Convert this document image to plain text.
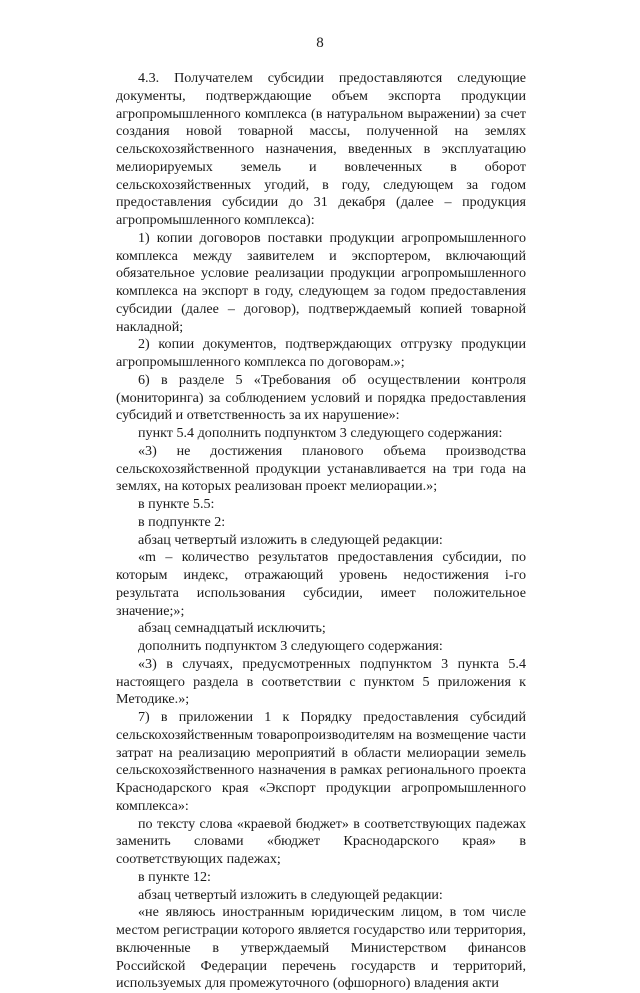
8

4.3. Получателем субсидии предоставляются следующие документы, подтверждающие объем экспорта продукции агропромышленного комплекса (в натуральном выражении) за счет создания новой товарной массы, полученной на землях сельскохозяйственного назначения, введенных в эксплуатацию мелиорируемых земель и вовлеченных в оборот сельскохозяйственных угодий, в году, следующем за годом предоставления субсидии до 31 декабря (далее – продукция агропромышленного комплекса):

1) копии договоров поставки продукции агропромышленного комплекса между заявителем и экспортером, включающий обязательное условие реализации продукции агропромышленного комплекса на экспорт в году, следующем за годом предоставления субсидии (далее – договор), подтверждаемый копией товарной накладной;

2) копии документов, подтверждающих отгрузку продукции агропромышленного комплекса по договорам.»;

6) в разделе 5 «Требования об осуществлении контроля (мониторинга) за соблюдением условий и порядка предоставления субсидий и ответственность за их нарушение»:

пункт 5.4 дополнить подпунктом 3 следующего содержания:

«3) не достижения планового объема производства сельскохозяйственной продукции устанавливается на три года на землях, на которых реализован проект мелиорации.»;

в пункте 5.5:

в подпункте 2:

абзац четвертый изложить в следующей редакции:

«m – количество результатов предоставления субсидии, по которым индекс, отражающий уровень недостижения i-го результата использования субсидии, имеет положительное значение;»;

абзац семнадцатый исключить;

дополнить подпунктом 3 следующего содержания:

«3) в случаях, предусмотренных подпунктом 3 пункта 5.4 настоящего раздела в соответствии с пунктом 5 приложения к Методике.»;

7) в приложении 1 к Порядку предоставления субсидий сельскохозяйственным товаропроизводителям на возмещение части затрат на реализацию мероприятий в области мелиорации земель сельскохозяйственного назначения в рамках регионального проекта Краснодарского края «Экспорт продукции агропромышленного комплекса»:

по тексту слова «краевой бюджет» в соответствующих падежах заменить словами «бюджет Краснодарского края» в соответствующих падежах;

в пункте 12:

абзац четвертый изложить в следующей редакции:

«не являюсь иностранным юридическим лицом, в том числе местом регистрации которого является государство или территория, включенные в утверждаемый Министерством финансов Российской Федерации перечень государств и территорий, используемых для промежуточного (офшорного) владения акти
